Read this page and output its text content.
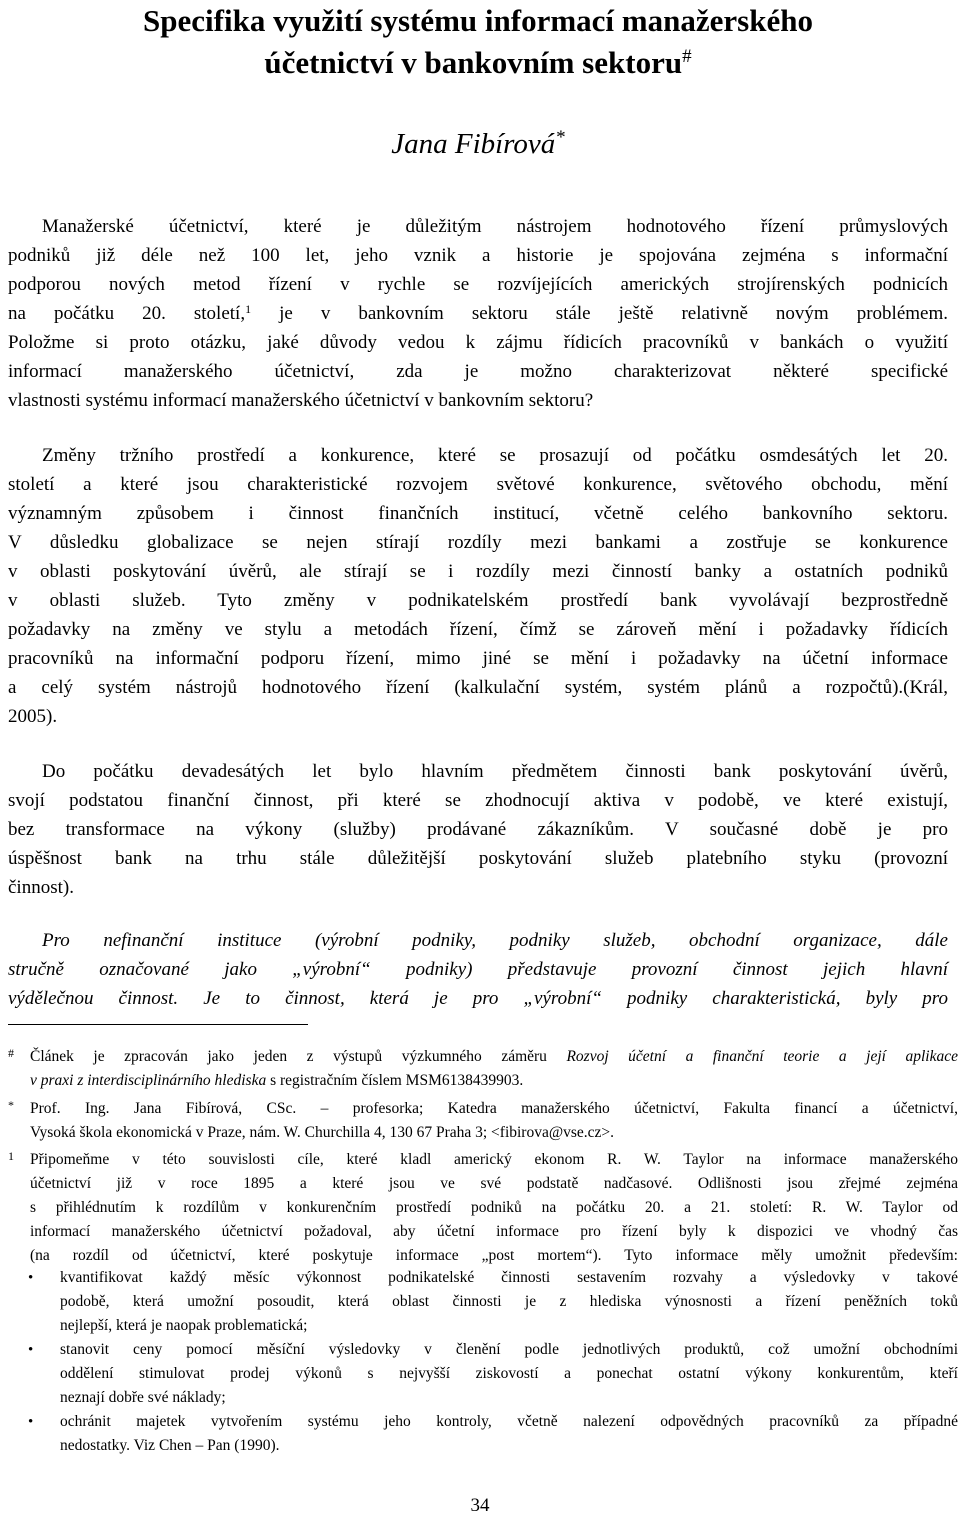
Specifika využití systému informací manažerského
účetnictví v bankovním sektoru#
Jana Fibírová*
Manažerské účetnictví, které je důležitým nástrojem hodnotového řízení průmyslových
podniků již déle než 100 let, jeho vznik a historie je spojována zejména s informační
podporou nových metod řízení v rychle se rozvíjejících amerických strojírenských podnicích
na počátku 20. století,$^1$ je v bankovním sektoru stále ještě relativně novým problémem.
Položme si proto otázku, jaké důvody vedou k zájmu řídicích pracovníků v bankách o využití
informací manažerského účetnictví, zda je možno charakterizovat některé specifické
vlastnosti systému informací manažerského účetnictví v bankovním sektoru?
Změny tržního prostředí a konkurence, které se prosazují od počátku osmdesátých let 20.
století a které jsou charakteristické rozvojem světové konkurence, světového obchodu, mění
významným způsobem i činnost finančních institucí, včetně celého bankovního sektoru.
V důsledku globalizace se nejen stírají rozdíly mezi bankami a zostřuje se konkurence
v oblasti poskytování úvěrů, ale stírají se i rozdíly mezi činností banky a ostatních podniků
v oblasti služeb. Tyto změny v podnikatelském prostředí bank vyvolávají bezprostředně
požadavky na změny ve stylu a metodách řízení, čímž se zároveň mění i požadavky řídicích
pracovníků na informační podporu řízení, mimo jiné se mění i požadavky na účetní informace
a celý systém nástrojů hodnotového řízení (kalkulační systém, systém plánů a rozpočtů).(Král,
2005).
Do počátku devadesátých let bylo hlavním předmětem činnosti bank poskytování úvěrů,
svojí podstatou finanční činnost, při které se zhodnocují aktiva v podobě, ve které existují,
bez transformace na výkony (služby) prodávané zákazníkům. V současné době je pro
úspěšnost bank na trhu stále důležitější poskytování služeb platebního styku (provozní
činnost).
Pro nefinanční instituce (výrobní podniky, podniky služeb, obchodní organizace, dále
stručně označované jako „výrobní“ podniky) představuje provozní činnost jejich hlavní
výdělečnou činnost. Je to činnost, která je pro „výrobní“ podniky charakteristická, byly pro
# Článek je zpracován jako jeden z výstupů výzkumného záměru Rozvoj účetní a finanční teorie a její aplikace
v praxi z interdisciplinárního hlediska s registračním číslem MSM6138439903.
* Prof. Ing. Jana Fibírová, CSc. – profesorka; Katedra manažerského účetnictví, Fakulta financí a účetnictví,
Vysoká škola ekonomická v Praze, nám. W. Churchilla 4, 130 67 Praha 3; <fibirova@vse.cz>.
1 Připomeňme v této souvislosti cíle, které kladl americký ekonom R. W. Taylor na informace manažerského
účetnictví již v roce 1895 a které jsou ve své podstatě nadčasové. Odlišnosti jsou zřejmé zejména
s přihlédnutím k rozdílům v konkurenčním prostředí podniků na počátku 20. a 21. století: R. W. Taylor od
informací manažerského účetnictví požadoval, aby účetní informace pro řízení byly k dispozici ve vhodný čas
(na rozdíl od účetnictví, které poskytuje informace „post mortem“). Tyto informace měly umožnit především:
• kvantifikovat každý měsíc výkonnost podnikatelské činnosti sestavením rozvahy a výsledovky v takové
podobě, která umožní posoudit, která oblast činnosti je z hlediska výnosnosti a řízení peněžních toků
nejlepší, která je naopak problematická;
• stanovit ceny pomocí měsíční výsledovky v členění podle jednotlivých produktů, což umožní obchodními
oddělení stimulovat prodej výkonů s nejvyšší ziskovostí a ponechat ostatní výkony konkurentům, kteří
neznají dobře své náklady;
• ochránit majetek vytvořením systému jeho kontroly, včetně nalezení odpovědných pracovníků za případné
nedostatky. Viz Chen – Pan (1990).
34
